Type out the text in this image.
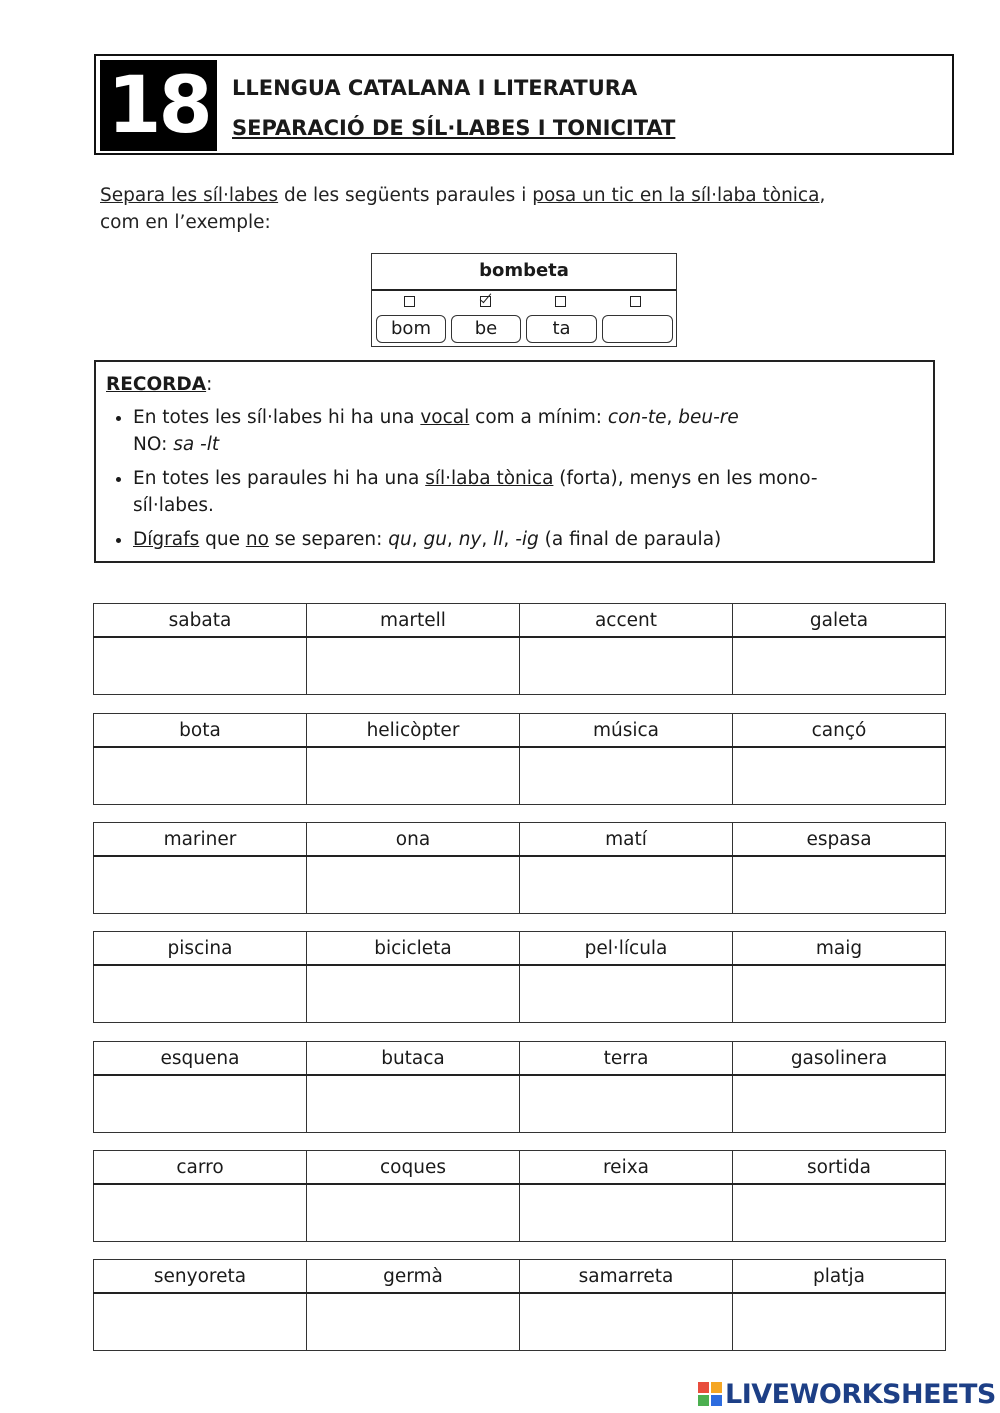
18	LLENGUA CATALANA I LITERATURA
SEPARACIÓ DE SÍL·LABES I TONICITAT
Separa les síl·labes de les següents paraules i posa un tic en la síl·laba tònica,
com en l’exemple:
bombeta
bom	be	ta
RECORDA:
• En totes les síl·labes hi ha una vocal com a mínim: con-te, beu-re
NO: sa -lt
• En totes les paraules hi ha una síl·laba tònica (forta), menys en les mono-
síl·labes.
• Dígrafs que no se separen: qu, gu, ny, ll, -ig (a final de paraula)
sabata	martell	accent	galeta

bota	helicòpter	música	cançó

mariner	ona	matí	espasa

piscina	bicicleta	pel·lícula	maig

esquena	butaca	terra	gasolinera

carro	coques	reixa	sortida

senyoreta	germà	samarreta	platja

LIVEWORKSHEETS
